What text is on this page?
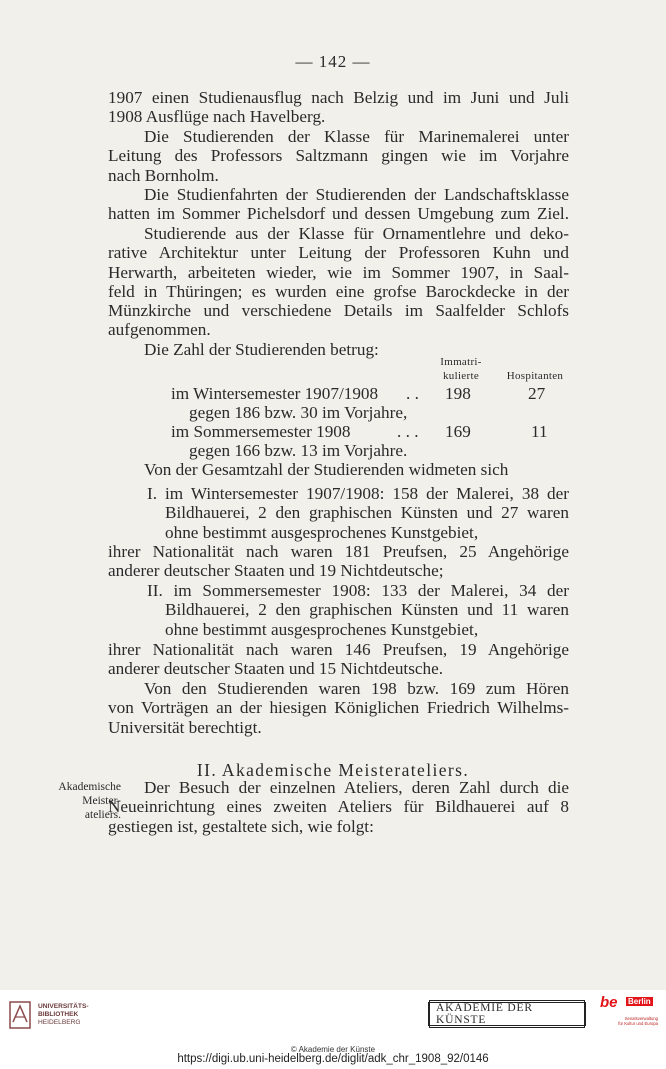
— 142 —
1907 einen Studienausflug nach Belzig und im Juni und Juli
1908 Ausflüge nach Havelberg.
Die Studierenden der Klasse für Marinemalerei unter
Leitung des Professors Saltzmann gingen wie im Vorjahre
nach Bornholm.
Die Studienfahrten der Studierenden der Landschaftsklasse
hatten im Sommer Pichelsdorf und dessen Umgebung zum Ziel.
Studierende aus der Klasse für Ornamentlehre und deko-
rative Architektur unter Leitung der Professoren Kuhn und
Herwarth, arbeiteten wieder, wie im Sommer 1907, in Saal-
feld in Thüringen; es wurden eine grofse Barockdecke in der
Münzkirche und verschiedene Details im Saalfelder Schlofs
aufgenommen.
Die Zahl der Studierenden betrug:
Immatri-
kulierte	Hospitanten
im Wintersemester 1907/1908 . . 198	27
gegen 186 bzw. 30 im Vorjahre,
im Sommersemester 1908	. . . 169	11
gegen 166 bzw. 13 im Vorjahre.
Von der Gesamtzahl der Studierenden widmeten sich
I. im Wintersemester 1907/1908: 158 der Malerei, 38 der
Bildhauerei, 2 den graphischen Künsten und 27 waren
ohne bestimmt ausgesprochenes Kunstgebiet,
ihrer Nationalität nach waren 181 Preufsen, 25 Angehörige
anderer deutscher Staaten und 19 Nichtdeutsche;
II. im Sommersemester 1908: 133 der Malerei, 34 der
Bildhauerei, 2 den graphischen Künsten und 11 waren
ohne bestimmt ausgesprochenes Kunstgebiet,
ihrer Nationalität nach waren 146 Preufsen, 19 Angehörige
anderer deutscher Staaten und 15 Nichtdeutsche.
Von den Studierenden waren 198 bzw. 169 zum Hören
von Vorträgen an der hiesigen Königlichen Friedrich Wilhelms-
Universität berechtigt.
II. Akademische Meisterateliers.
Akademische
Meister-
ateliers.
Der Besuch der einzelnen Ateliers, deren Zahl durch die
Neueinrichtung eines zweiten Ateliers für Bildhauerei auf 8
gestiegen ist, gestaltete sich, wie folgt:
UNIVERSITÄTS-
BIBLIOTHEK
HEIDELBERG
AKADEMIE DER KÜNSTE
be Berlin
Senatsverwaltung
für Kultur und Europa
© Akademie der Künste
https://digi.ub.uni-heidelberg.de/diglit/adk_chr_1908_92/0146
